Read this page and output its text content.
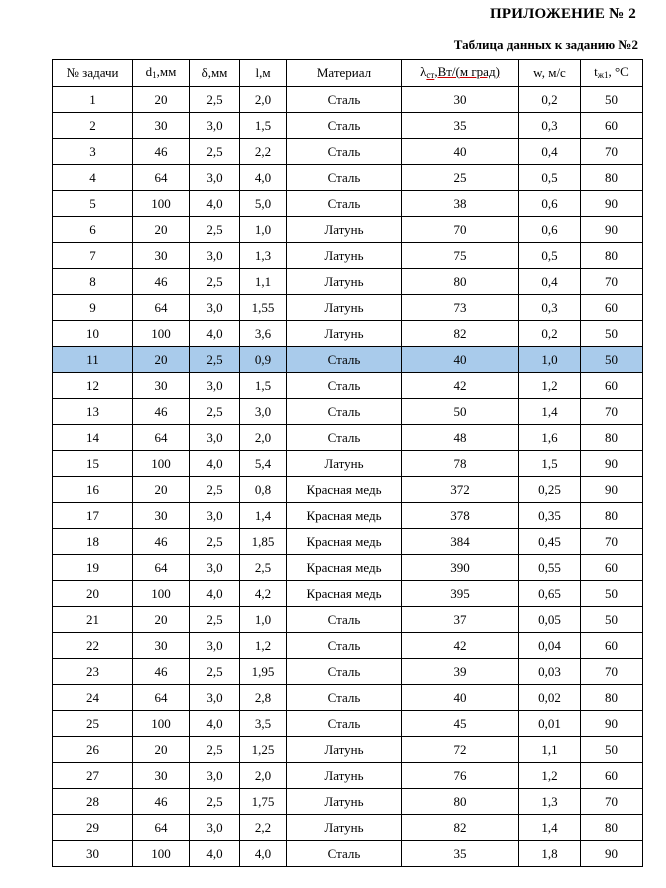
ПРИЛОЖЕНИЕ № 2
Таблица данных к заданию №2
№ задачи	$d_1,мм$	δ,мм	l,м	Материал	$\lambda_{ст},Вт/(м$ град)	w, м/с	$t_{ж1}$, °C
1	20	2,5	2,0	Сталь	30	0,2	50
2	30	3,0	1,5	Сталь	35	0,3	60
3	46	2,5	2,2	Сталь	40	0,4	70
4	64	3,0	4,0	Сталь	25	0,5	80
5	100	4,0	5,0	Сталь	38	0,6	90
6	20	2,5	1,0	Латунь	70	0,6	90
7	30	3,0	1,3	Латунь	75	0,5	80
8	46	2,5	1,1	Латунь	80	0,4	70
9	64	3,0	1,55	Латунь	73	0,3	60
10	100	4,0	3,6	Латунь	82	0,2	50
11	20	2,5	0,9	Сталь	40	1,0	50
12	30	3,0	1,5	Сталь	42	1,2	60
13	46	2,5	3,0	Сталь	50	1,4	70
14	64	3,0	2,0	Сталь	48	1,6	80
15	100	4,0	5,4	Латунь	78	1,5	90
16	20	2,5	0,8	Красная медь	372	0,25	90
17	30	3,0	1,4	Красная медь	378	0,35	80
18	46	2,5	1,85	Красная медь	384	0,45	70
19	64	3,0	2,5	Красная медь	390	0,55	60
20	100	4,0	4,2	Красная медь	395	0,65	50
21	20	2,5	1,0	Сталь	37	0,05	50
22	30	3,0	1,2	Сталь	42	0,04	60
23	46	2,5	1,95	Сталь	39	0,03	70
24	64	3,0	2,8	Сталь	40	0,02	80
25	100	4,0	3,5	Сталь	45	0,01	90
26	20	2,5	1,25	Латунь	72	1,1	50
27	30	3,0	2,0	Латунь	76	1,2	60
28	46	2,5	1,75	Латунь	80	1,3	70
29	64	3,0	2,2	Латунь	82	1,4	80
30	100	4,0	4,0	Сталь	35	1,8	90
